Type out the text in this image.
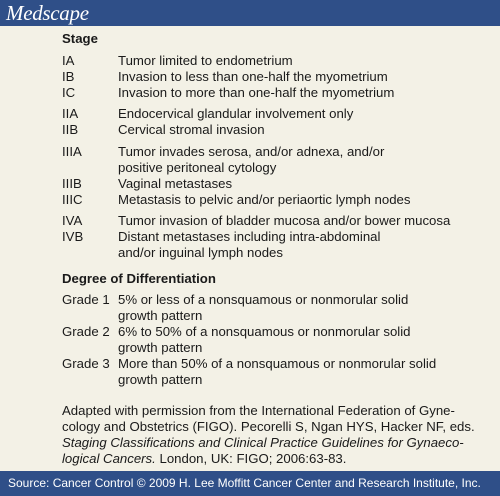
Medscape
Stage
IA	Tumor limited to endometrium
IB	Invasion to less than one-half the myometrium
IC	Invasion to more than one-half the myometrium
IIA	Endocervical glandular involvement only
IIB	Cervical stromal invasion
IIIA	Tumor invades serosa, and/or adnexa, and/or positive peritoneal cytology
IIIB	Vaginal metastases
IIIC	Metastasis to pelvic and/or periaortic lymph nodes
IVA	Tumor invasion of bladder mucosa and/or bower mucosa
IVB	Distant metastases including intra-abdominal and/or inguinal lymph nodes
Degree of Differentiation
Grade 1 5% or less of a nonsquamous or nonmorular solid growth pattern
Grade 2 6% to 50% of a nonsquamous or nonmorular solid growth pattern
Grade 3 More than 50% of a nonsquamous or nonmorular solid growth pattern
Adapted with permission from the International Federation of Gyne-cology and Obstetrics (FIGO). Pecorelli S, Ngan HYS, Hacker NF, eds. Staging Classifications and Clinical Practice Guidelines for Gynaeco-logical Cancers. London, UK: FIGO; 2006:63-83.
Source: Cancer Control © 2009 H. Lee Moffitt Cancer Center and Research Institute, Inc.
